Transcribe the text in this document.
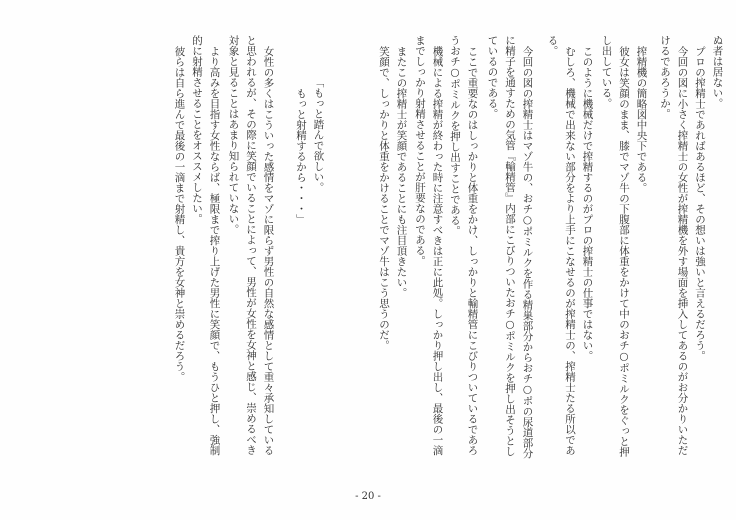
ぬ者は居ない。
プロの搾精士であればあるほど、その想いは強いと言えるだろう。
今回の図に小さく搾精士の女性が搾精機を外す場面を挿入してあるのがお分かりいただ
けるであろうか。
搾精機の簡略図中央下である。
彼女は笑顔のまま、膝でマゾ牛の下腹部に体重をかけて中のおチ○ポミルクをぐっと押
し出している。
このように機械だけで搾精するのがプロの搾精士の仕事ではない。
むしろ、機械で出来ない部分をより上手にこなせるのが搾精士の、搾精士たる所以であ
る。
今回の図の搾精士はマゾ牛の、おチ○ポミルクを作る精巣部分からおチ○ポの尿道部分
に精子を通すための気管『輸精管』内部にこびりついたおチ○ポミルクを押し出そうとし
ているのである。
ここで重要なのはしっかりと体重をかけ、しっかりと輸精管にこびりついているであろ
うおチ○ポミルクを押し出すことである。
機械による搾精が終わった時に注意すべきは正に此処。しっかり押し出し、最後の一滴
までしっかり射精させることが肝要なのである。
またこの搾精士が笑顔であることにも注目頂きたい。
笑顔で、しっかりと体重をかけることでマゾ牛はこう思うのだ。
「もっと踏んで欲しい。
もっと射精するから・・・」
女性の多くはこういった感情をマゾに限らず男性の自然な感情として重々承知している
と思われるが、その際に笑顔でいることによって、男性が女性を女神と感じ、崇めるべき
対象と見ることはあまり知られていない。
より高みを目指す女性ならば、極限まで搾り上げた男性に笑顔で、もうひと押し、強制
的に射精させることをオススメしたい。
彼らは自ら進んで最後の一滴まで射精し、貴方を女神と崇めるだろう。
- 20 -
